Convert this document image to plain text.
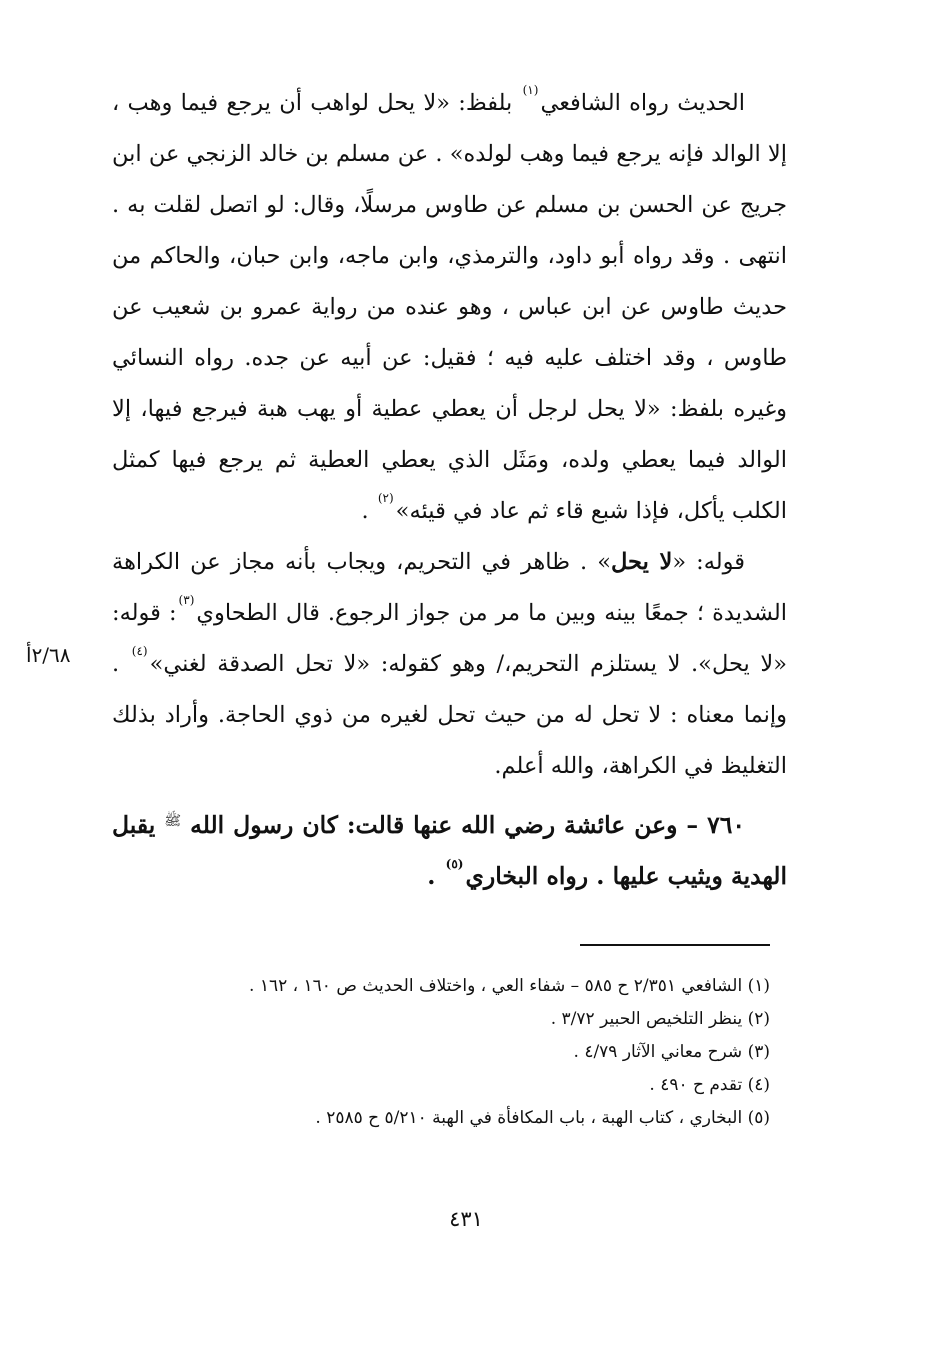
الحديث رواه الشافعي$^{(١)}$ بلفظ: «لا يحل لواهب أن يرجع فيما وهب ، إلا الوالد فإنه يرجع فيما وهب لولده» . عن مسلم بن خالد الزنجي عن ابن جريج عن الحسن بن مسلم عن طاوس مرسلًا، وقال: لو اتصل لقلت به . انتهى . وقد رواه أبو داود، والترمذي، وابن ماجه، وابن حبان، والحاكم من حديث طاوس عن ابن عباس ، وهو عنده من رواية عمرو بن شعيب عن طاوس ، وقد اختلف عليه فيه ؛ فقيل: عن أبيه عن جده. رواه النسائي وغيره بلفظ: «لا يحل لرجل أن يعطي عطية أو يهب هبة فيرجع فيها، إلا الوالد فيما يعطي ولده، ومَثَل الذي يعطي العطية ثم يرجع فيها كمثل الكلب يأكل، فإذا شبع قاء ثم عاد في قيئه»$^{(٢)}$ .

قوله: «لا يحل» . ظاهر في التحريم، ويجاب بأنه مجاز عن الكراهة الشديدة ؛ جمعًا بينه وبين ما مر من جواز الرجوع. قال الطحاوي$^{(٣)}$: قوله: «لا يحل». لا يستلزم التحريم،/ وهو كقوله: «لا تحل الصدقة لغني»$^{(٤)}$ . وإنما معناه : لا تحل له من حيث تحل لغيره من ذوي الحاجة. وأراد بذلك التغليظ في الكراهة، والله أعلم.

٧٦٠ – وعن عائشة رضي الله عنها قالت: كان رسول الله $^ﷺ$ يقبل الهدية ويثيب عليها . رواه البخاري$^{(٥)}$ .

٢/٦٨أ
(١) الشافعي ٢/٣٥١ ح ٥٨٥ – شفاء العي ، واختلاف الحديث ص ١٦٠ ، ١٦٢ .
(٢) ينظر التلخيص الحبير ٣/٧٢ .
(٣) شرح معاني الآثار ٤/٧٩ .
(٤) تقدم ح ٤٩٠ .
(٥) البخاري ، كتاب الهبة ، باب المكافأة في الهبة ٥/٢١٠ ح ٢٥٨٥ .
٤٣١
